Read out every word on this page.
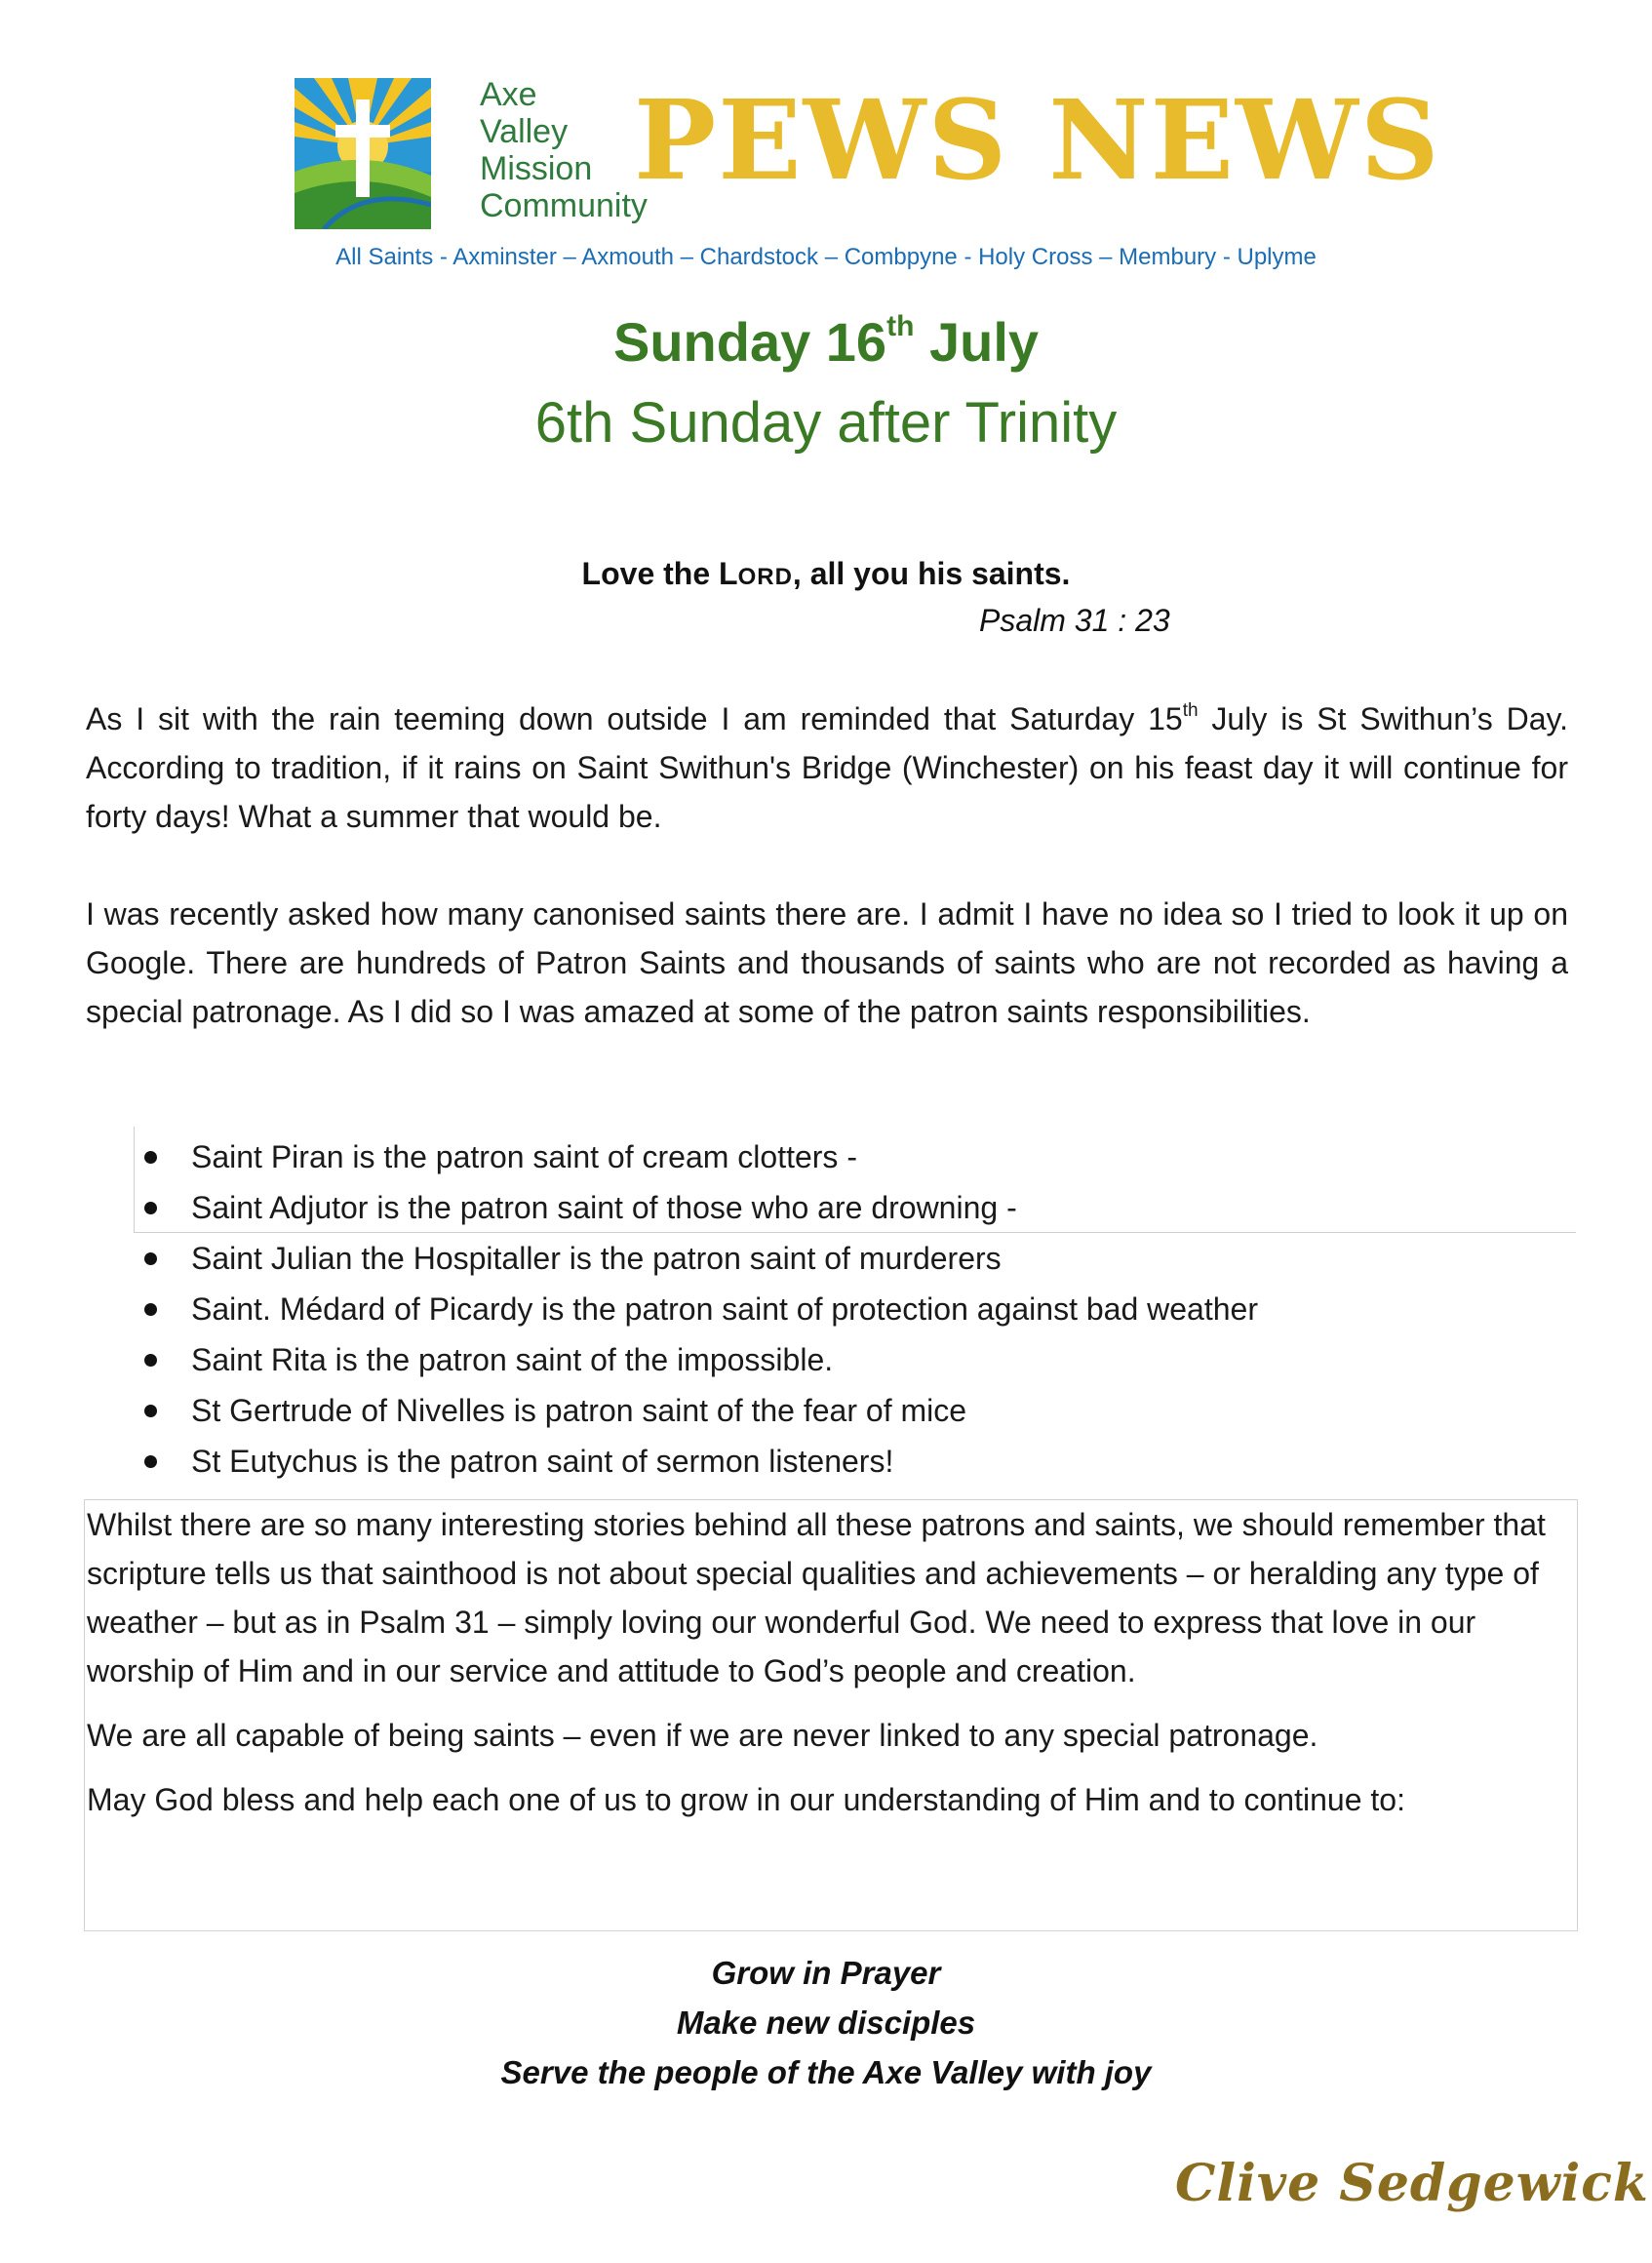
Axe
Valley
Mission
Community
PEWS NEWS
All Saints - Axminster – Axmouth – Chardstock – Combpyne - Holy Cross – Membury - Uplyme
Sunday 16th July
6th Sunday after Trinity
Love the LORD, all you his saints.
Psalm 31 : 23
As I sit with the rain teeming down outside I am reminded that Saturday 15th July is St Swithun’s Day. According to tradition, if it rains on Saint Swithun's Bridge (Winchester) on his feast day it will continue for forty days! What a summer that would be.
I was recently asked how many canonised saints there are. I admit I have no idea so I tried to look it up on Google. There are hundreds of Patron Saints and thousands of saints who are not recorded as having a special patronage. As I did so I was amazed at some of the patron saints responsibilities.
Saint Piran is the patron saint of cream clotters -
Saint Adjutor is the patron saint of those who are drowning -
Saint Julian the Hospitaller is the patron saint of murderers
Saint. Médard of Picardy is the patron saint of protection against bad weather
Saint Rita is the patron saint of the impossible.
St Gertrude of Nivelles is patron saint of the fear of mice
St Eutychus is the patron saint of sermon listeners!

Whilst there are so many interesting stories behind all these patrons and saints, we should remember that scripture tells us that sainthood is not about special qualities and achievements – or heralding any type of weather – but as in Psalm 31 – simply loving our wonderful God. We need to express that love in our worship of Him and in our service and attitude to God’s people and creation.

We are all capable of being saints – even if we are never linked to any special patronage.

May God bless and help each one of us to grow in our understanding of Him and to continue to:

Grow in Prayer
Make new disciples
Serve the people of the Axe Valley with joy
Clive Sedgewick
